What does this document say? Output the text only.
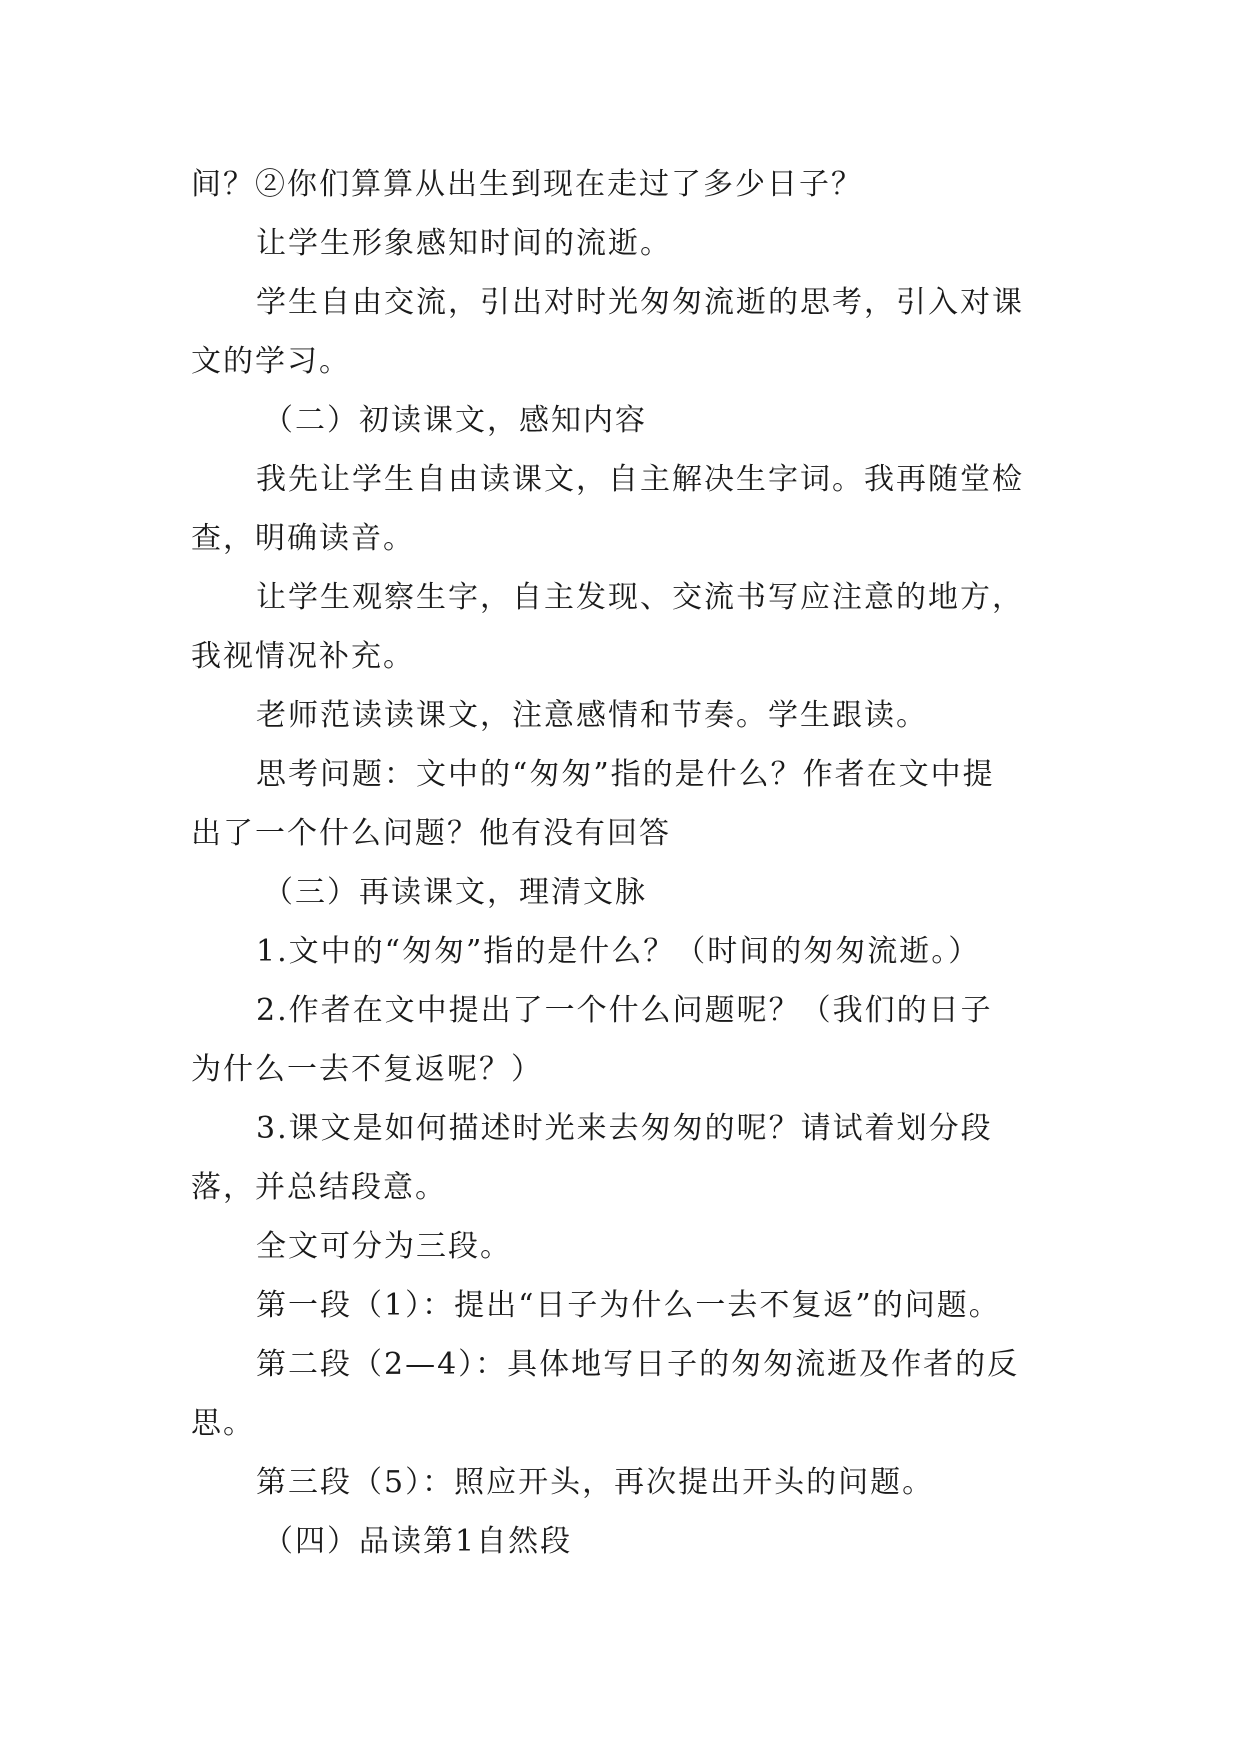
间？②你们算算从出生到现在走过了多少日子？
让学生形象感知时间的流逝。
学生自由交流，引出对时光匆匆流逝的思考，引入对课
文的学习。
（二）初读课文，感知内容
我先让学生自由读课文，自主解决生字词。我再随堂检
查，明确读音。
让学生观察生字，自主发现、交流书写应注意的地方，
我视情况补充。
老师范读读课文，注意感情和节奏。学生跟读。
思考问题：文中的“匆匆”指的是什么？作者在文中提
出了一个什么问题？他有没有回答
（三）再读课文，理清文脉
1.文中的“匆匆”指的是什么？（时间的匆匆流逝。）
2.作者在文中提出了一个什么问题呢？（我们的日子
为什么一去不复返呢？）
3.课文是如何描述时光来去匆匆的呢？请试着划分段
落，并总结段意。
全文可分为三段。
第一段（1）：提出“日子为什么一去不复返”的问题。
第二段（2—4）：具体地写日子的匆匆流逝及作者的反
思。
第三段（5）：照应开头，再次提出开头的问题。
（四）品读第1自然段
